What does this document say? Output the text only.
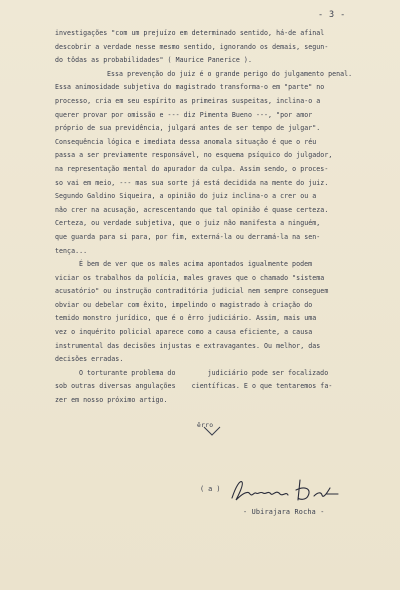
- 3 -
investigações "com um prejuízo em determinado sentido, há-de afinal
descobrir a verdade nesse mesmo sentido, ignorando os demais, segun-
do tôdas as probabilidades" ( Maurice Panerice ).
Essa prevenção do juiz é o grande perigo do julgamento penal.
Essa animosidade subjetiva do magistrado transforma-o em "parte" no
processo, cria em seu espírito as primeiras suspeitas, inclina-o a
querer provar por omissão e --- diz Pimenta Bueno ---, "por amor
próprio de sua previdência, julgará antes de ser tempo de julgar".
Consequência lógica e imediata dessa anomala situação é que o réu
passa a ser previamente responsável, no esquema psíquico do julgador,
na representação mental do apurador da culpa. Assim sendo, o proces-
so vai em meio, --- mas sua sorte já está decidida na mente do juiz.
Segundo Galdino Siqueira, a opinião do juiz inclina-o a crer ou a
não crer na acusação, acrescentando que tal opinião é quase certeza.
Certeza, ou verdade subjetiva, que o juiz não manifesta a ninguém,
que guarda para si para, por fim, externá-la ou derramá-la na sen-
tença...
É bem de ver que os males acima apontados igualmente podem
viciar os trabalhos da polícia, males graves que o chamado "sistema
acusatório" ou instrução contraditória judicial nem sempre conseguem
obviar ou debelar com êxito, impelindo o magistrado à criação do
temido monstro jurídico, que é o êrro judiciário. Assim, mais uma
vez o inquérito policial aparece como a causa eficiente, a causa
instrumental das decisões injustas e extravagantes. Ou melhor, das
decisões erradas.
O torturante problema do        judiciário pode ser focalizado
sob outras diversas angulações    científicas. E o que tentaremos fa-
zer em nosso próximo artigo.
êrro
( a )
- Ubirajara Rocha -
